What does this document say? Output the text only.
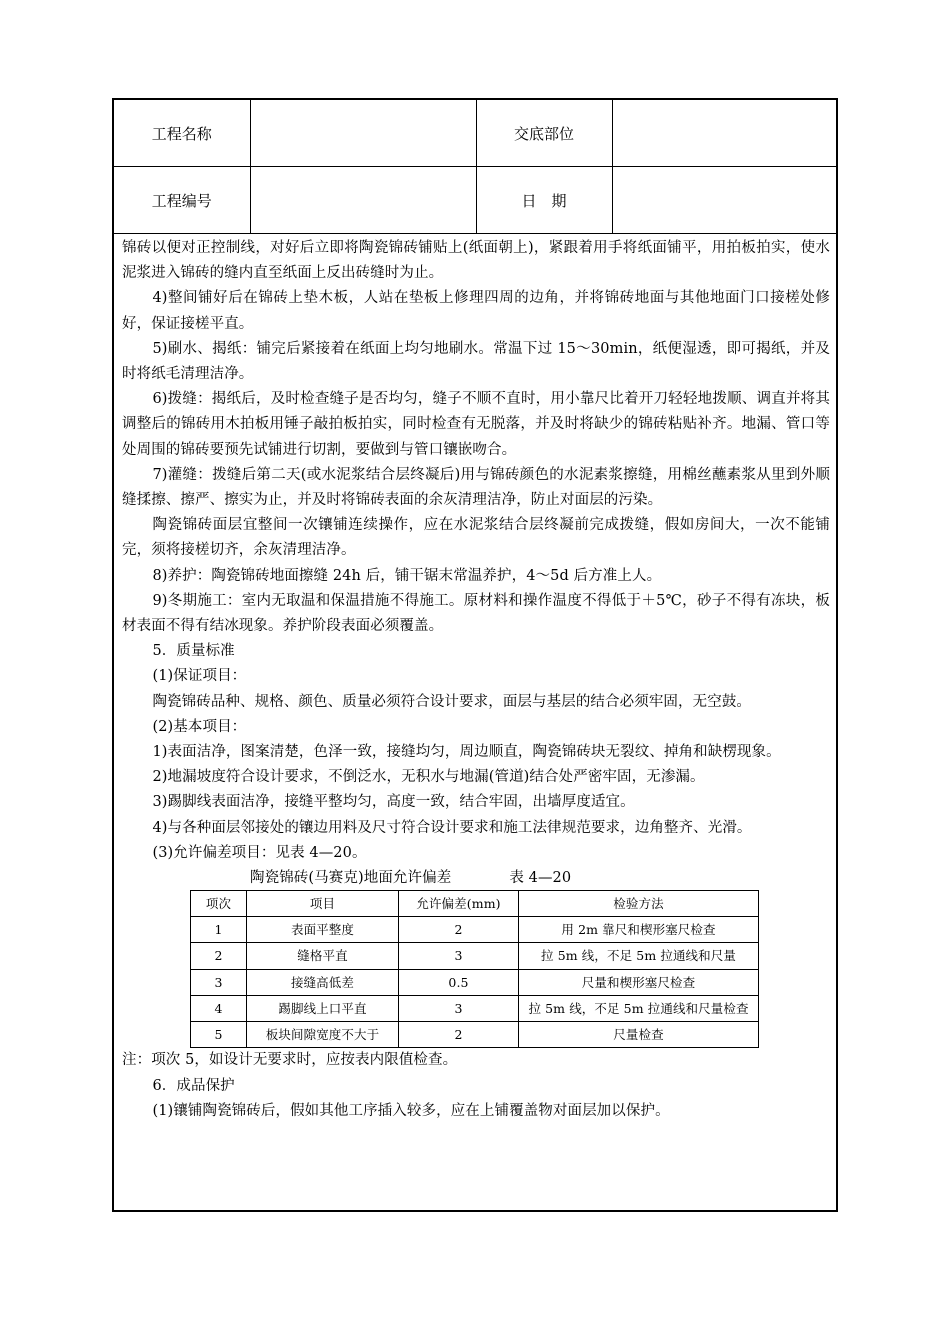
工程名称		交底部位	
工程编号		日　期	

锦砖以便对正控制线，对好后立即将陶瓷锦砖铺贴上(纸面朝上)，紧跟着用手将纸面铺平，用拍板拍实，使水泥浆进入锦砖的缝内直至纸面上反出砖缝时为止。

4)整间铺好后在锦砖上垫木板，人站在垫板上修理四周的边角，并将锦砖地面与其他地面门口接槎处修好，保证接槎平直。

5)刷水、揭纸：铺完后紧接着在纸面上均匀地刷水。常温下过 15～30min，纸便湿透，即可揭纸，并及时将纸毛清理洁净。

6)拨缝：揭纸后，及时检查缝子是否均匀，缝子不顺不直时，用小靠尺比着开刀轻轻地拨顺、调直并将其调整后的锦砖用木拍板用锤子敲拍板拍实，同时检查有无脱落，并及时将缺少的锦砖粘贴补齐。地漏、管口等处周围的锦砖要预先试铺进行切割，要做到与管口镶嵌吻合。

7)灌缝：拨缝后第二天(或水泥浆结合层终凝后)用与锦砖颜色的水泥素浆擦缝，用棉丝蘸素浆从里到外顺缝揉擦、擦严、擦实为止，并及时将锦砖表面的余灰清理洁净，防止对面层的污染。

陶瓷锦砖面层宜整间一次镶铺连续操作，应在水泥浆结合层终凝前完成拨缝，假如房间大，一次不能铺完，须将接槎切齐，余灰清理洁净。

8)养护：陶瓷锦砖地面擦缝 24h 后，铺干锯末常温养护，4～5d 后方准上人。

9)冬期施工：室内无取温和保温措施不得施工。原材料和操作温度不得低于＋5℃，砂子不得有冻块，板材表面不得有结冰现象。养护阶段表面必须覆盖。

5．质量标准

(1)保证项目：

陶瓷锦砖品种、规格、颜色、质量必须符合设计要求，面层与基层的结合必须牢固，无空鼓。

(2)基本项目：

1)表面洁净，图案清楚，色泽一致，接缝均匀，周边顺直，陶瓷锦砖块无裂纹、掉角和缺楞现象。

2)地漏坡度符合设计要求，不倒泛水，无积水与地漏(管道)结合处严密牢固，无渗漏。

3)踢脚线表面洁净，接缝平整均匀，高度一致，结合牢固，出墙厚度适宜。

4)与各种面层邻接处的镶边用料及尺寸符合设计要求和施工法律规范要求，边角整齐、光滑。

(3)允许偏差项目：见表 4—20。

陶瓷锦砖(马赛克)地面允许偏差	表 4—20

项次	项目	允许偏差(mm)	检验方法
1	表面平整度	2	用 2m 靠尺和楔形塞尺检查
2	缝格平直	3	拉 5m 线，不足 5m 拉通线和尺量
3	接缝高低差	0.5	尺量和楔形塞尺检查
4	踢脚线上口平直	3	拉 5m 线，不足 5m 拉通线和尺量检查
5	板块间隙宽度不大于	2	尺量检查

注：项次 5，如设计无要求时，应按表内限值检查。

6．成品保护

(1)镶铺陶瓷锦砖后，假如其他工序插入较多，应在上铺覆盖物对面层加以保护。
